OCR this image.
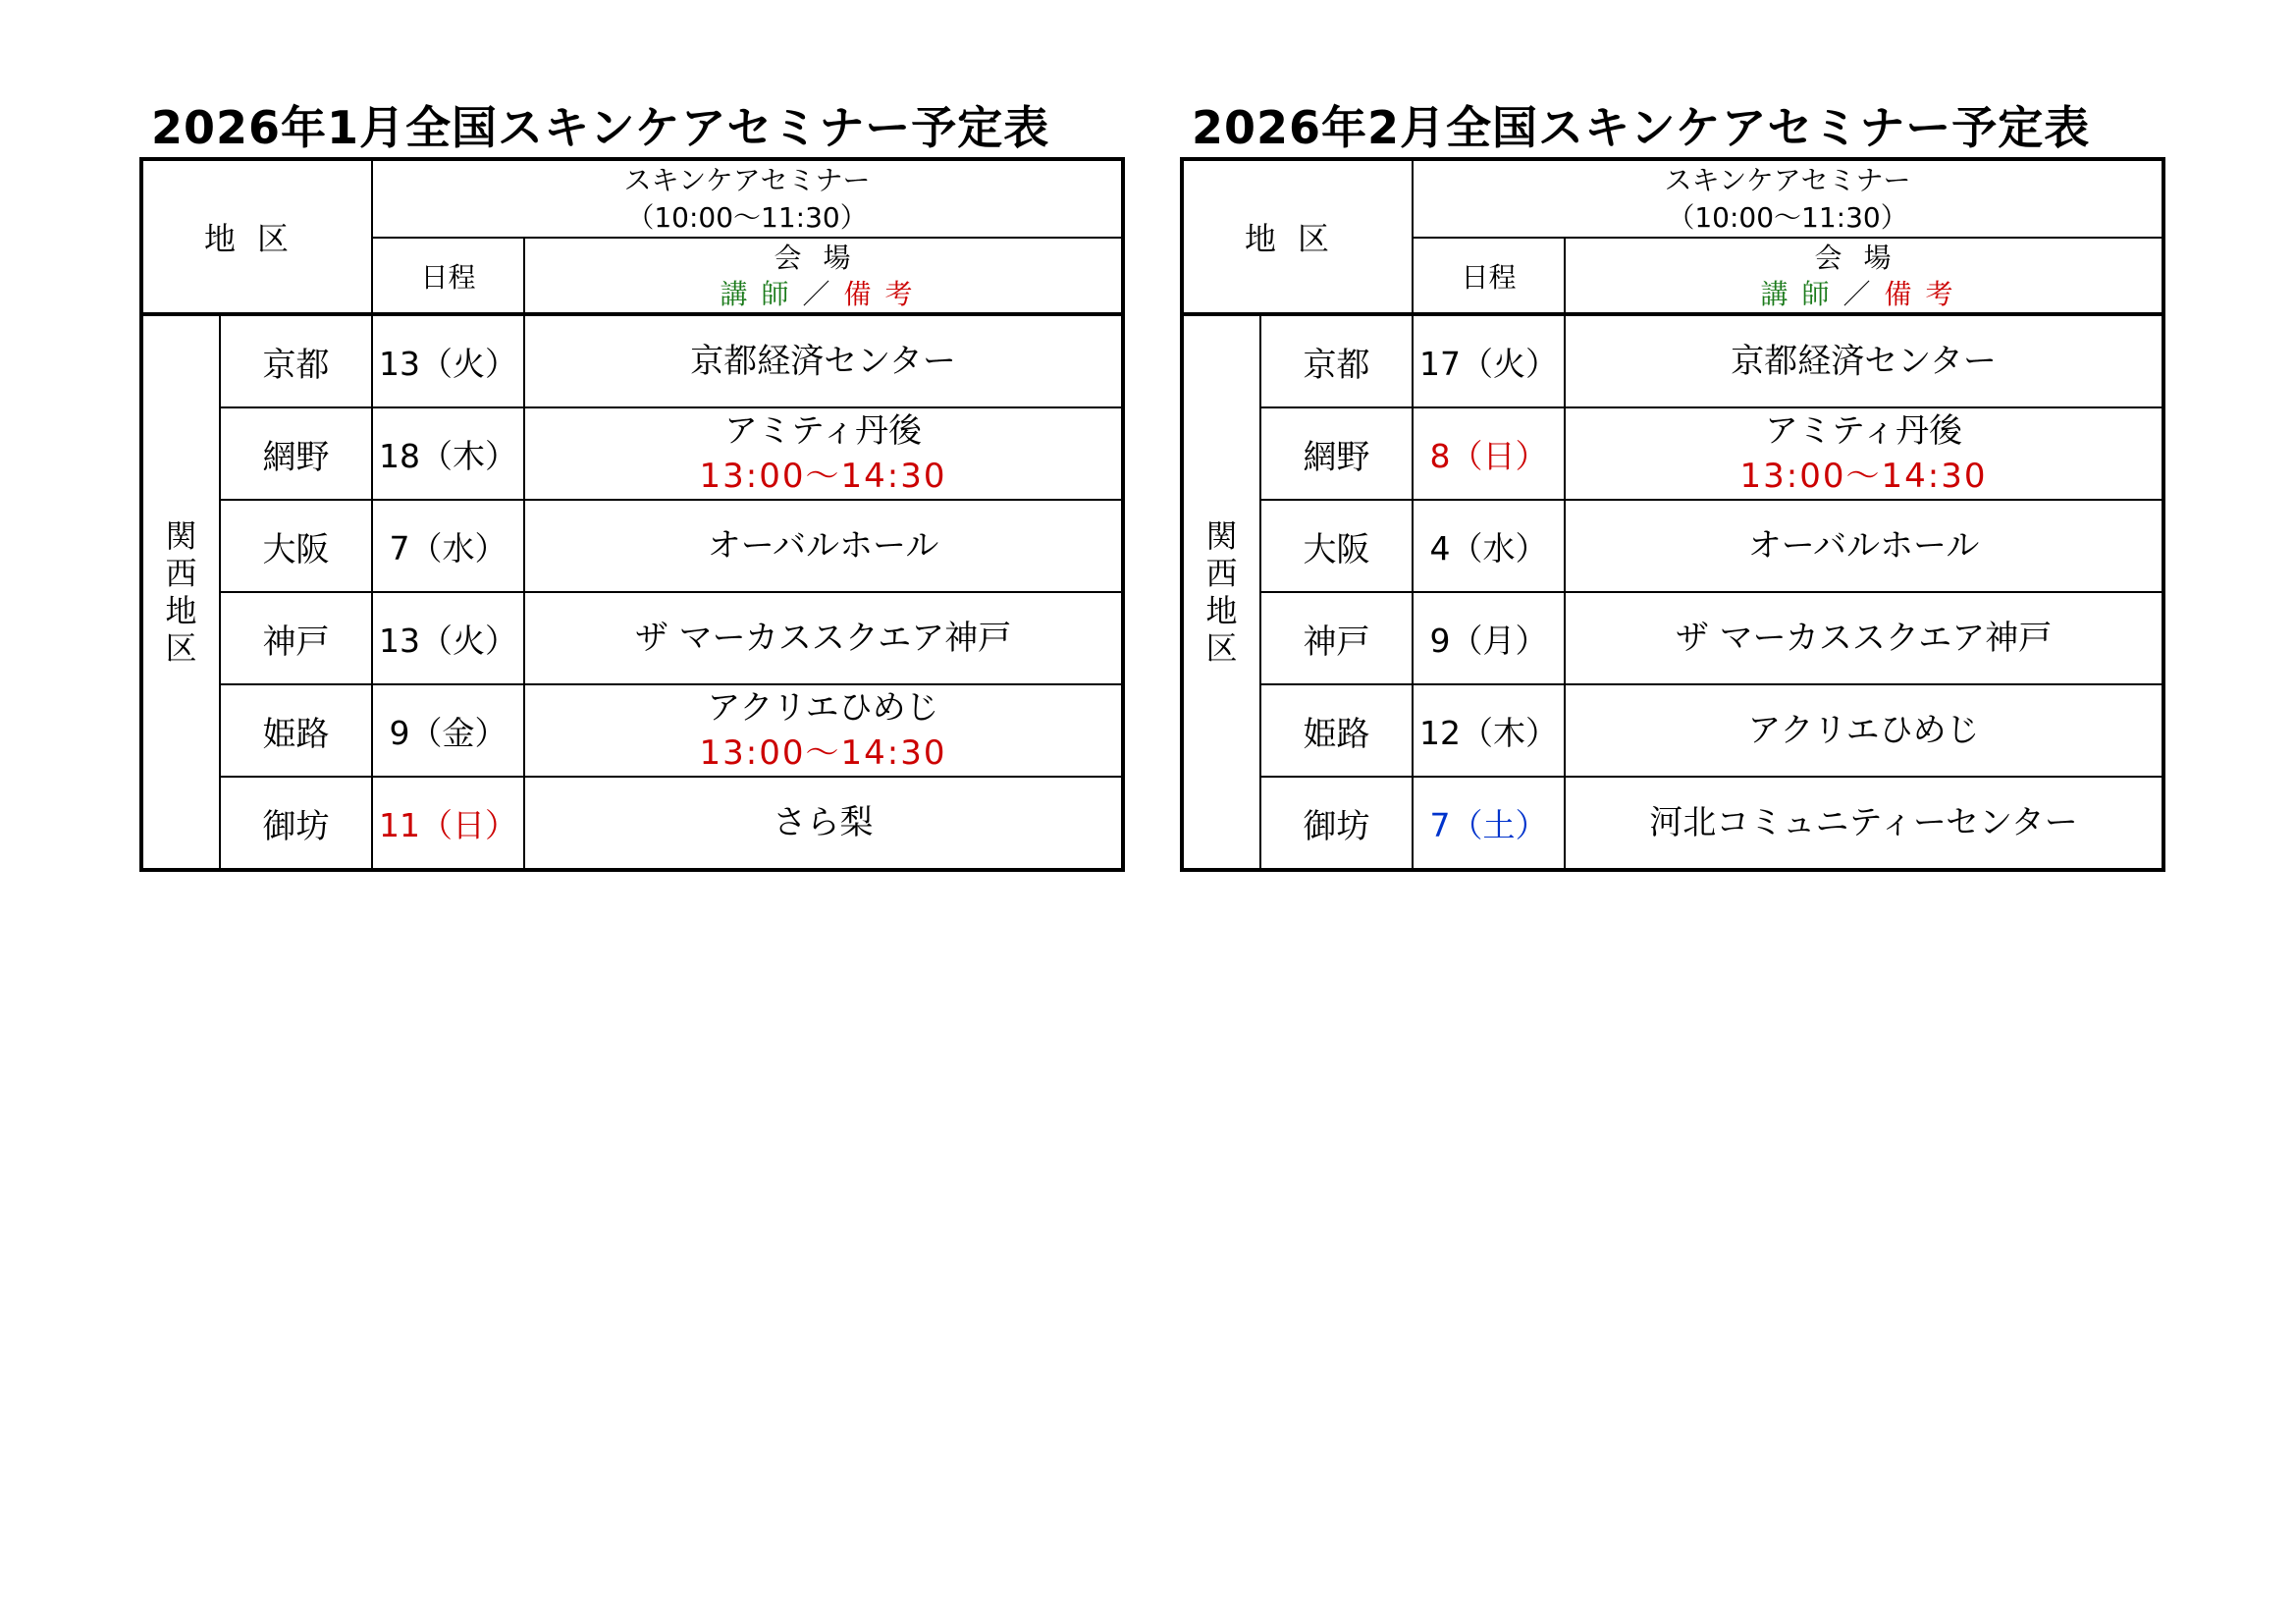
2026年1月全国スキンケアセミナー予定表
地区		スキンケアセミナー
（10:00～11:30）	

		日程	会場
講師／備考

関
西
地
区	京都	13（火）	京都経済センター

	網野	18（木）	アミティ丹後
13:00～14:30

	大阪	7（水）	オーバルホール

	神戸	13（火）	ザ マーカススクエア神戸

	姫路	9（金）	アクリエひめじ
13:00～14:30

	御坊	11（日）	さら梨
2026年2月全国スキンケアセミナー予定表
地区		スキンケアセミナー
（10:00～11:30）	

		日程	会場
講師／備考

関
西
地
区	京都	17（火）	京都経済センター

	網野	8（日）	アミティ丹後
13:00～14:30

	大阪	4（水）	オーバルホール

	神戸	9（月）	ザ マーカススクエア神戸

	姫路	12（木）	アクリエひめじ

	御坊	7（土）	河北コミュニティーセンター
